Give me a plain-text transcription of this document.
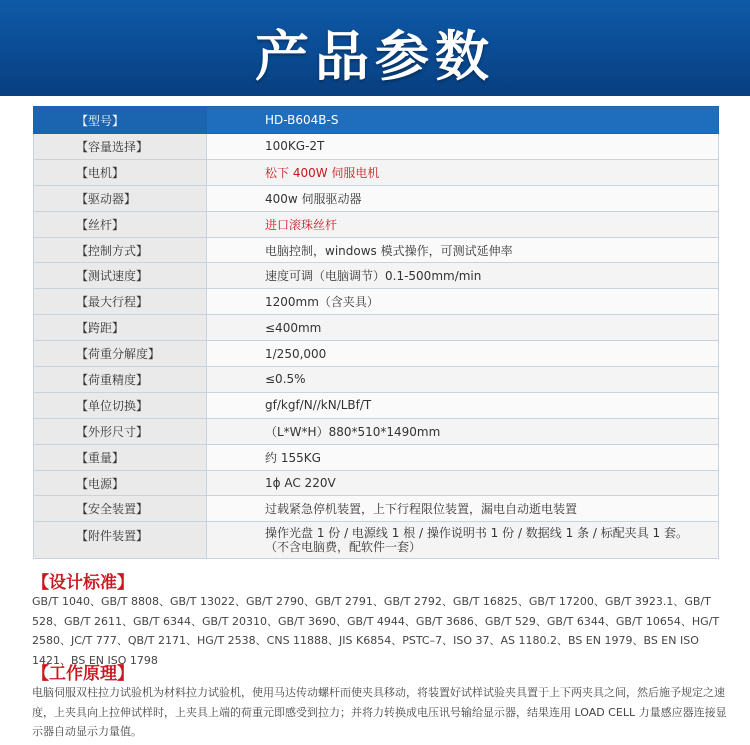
产品参数
【型号】	HD-B604B-S
【容量选择】	100KG-2T
【电机】	松下 400W 伺服电机
【驱动器】	400w 伺服驱动器
【丝杆】	进口滚珠丝杆
【控制方式】	电脑控制，windows 模式操作，可测试延伸率
【测试速度】	速度可调（电脑调节）0.1-500mm/min
【最大行程】	1200mm（含夹具）
【跨距】	≤400mm
【荷重分解度】	1/250,000
【荷重精度】	≤0.5%
【单位切换】	gf/kgf/N//kN/LBf/T
【外形尺寸】	（L*W*H）880*510*1490mm
【重量】	约 155KG
【电源】	1ɸ AC 220V
【安全装置】	过载紧急停机装置，上下行程限位装置，漏电自动逝电装置
【附件装置】	操作光盘 1 份 / 电源线 1 根 / 操作说明书 1 份 / 数据线 1 条 / 标配夹具 1 套。
（不含电脑费，配软件一套）
【设计标准】
GB/T 1040、GB/T 8808、GB/T 13022、GB/T 2790、GB/T 2791、GB/T 2792、GB/T 16825、GB/T 17200、GB/T 3923.1、GB/T 528、GB/T 2611、GB/T 6344、GB/T 20310、GB/T 3690、GB/T 4944、GB/T 3686、GB/T 529、GB/T 6344、GB/T 10654、HG/T 2580、JC/T 777、QB/T 2171、HG/T 2538、CNS 11888、JIS K6854、PSTC–7、ISO 37、AS 1180.2、BS EN 1979、BS EN ISO 1421、BS EN ISO 1798
【工作原理】
电脑伺服双柱拉力试验机为材料拉力试验机，使用马达传动螺杆而使夹具移动，将装置好试样试验夹具置于上下两夹具之间，然后施予规定之速度，上夹具向上拉伸试样时，上夹具上端的荷重元即感受到拉力；并将力转换成电压讯号输给显示器，结果连用 LOAD CELL 力量感应器连接显示器自动显示力量值。
